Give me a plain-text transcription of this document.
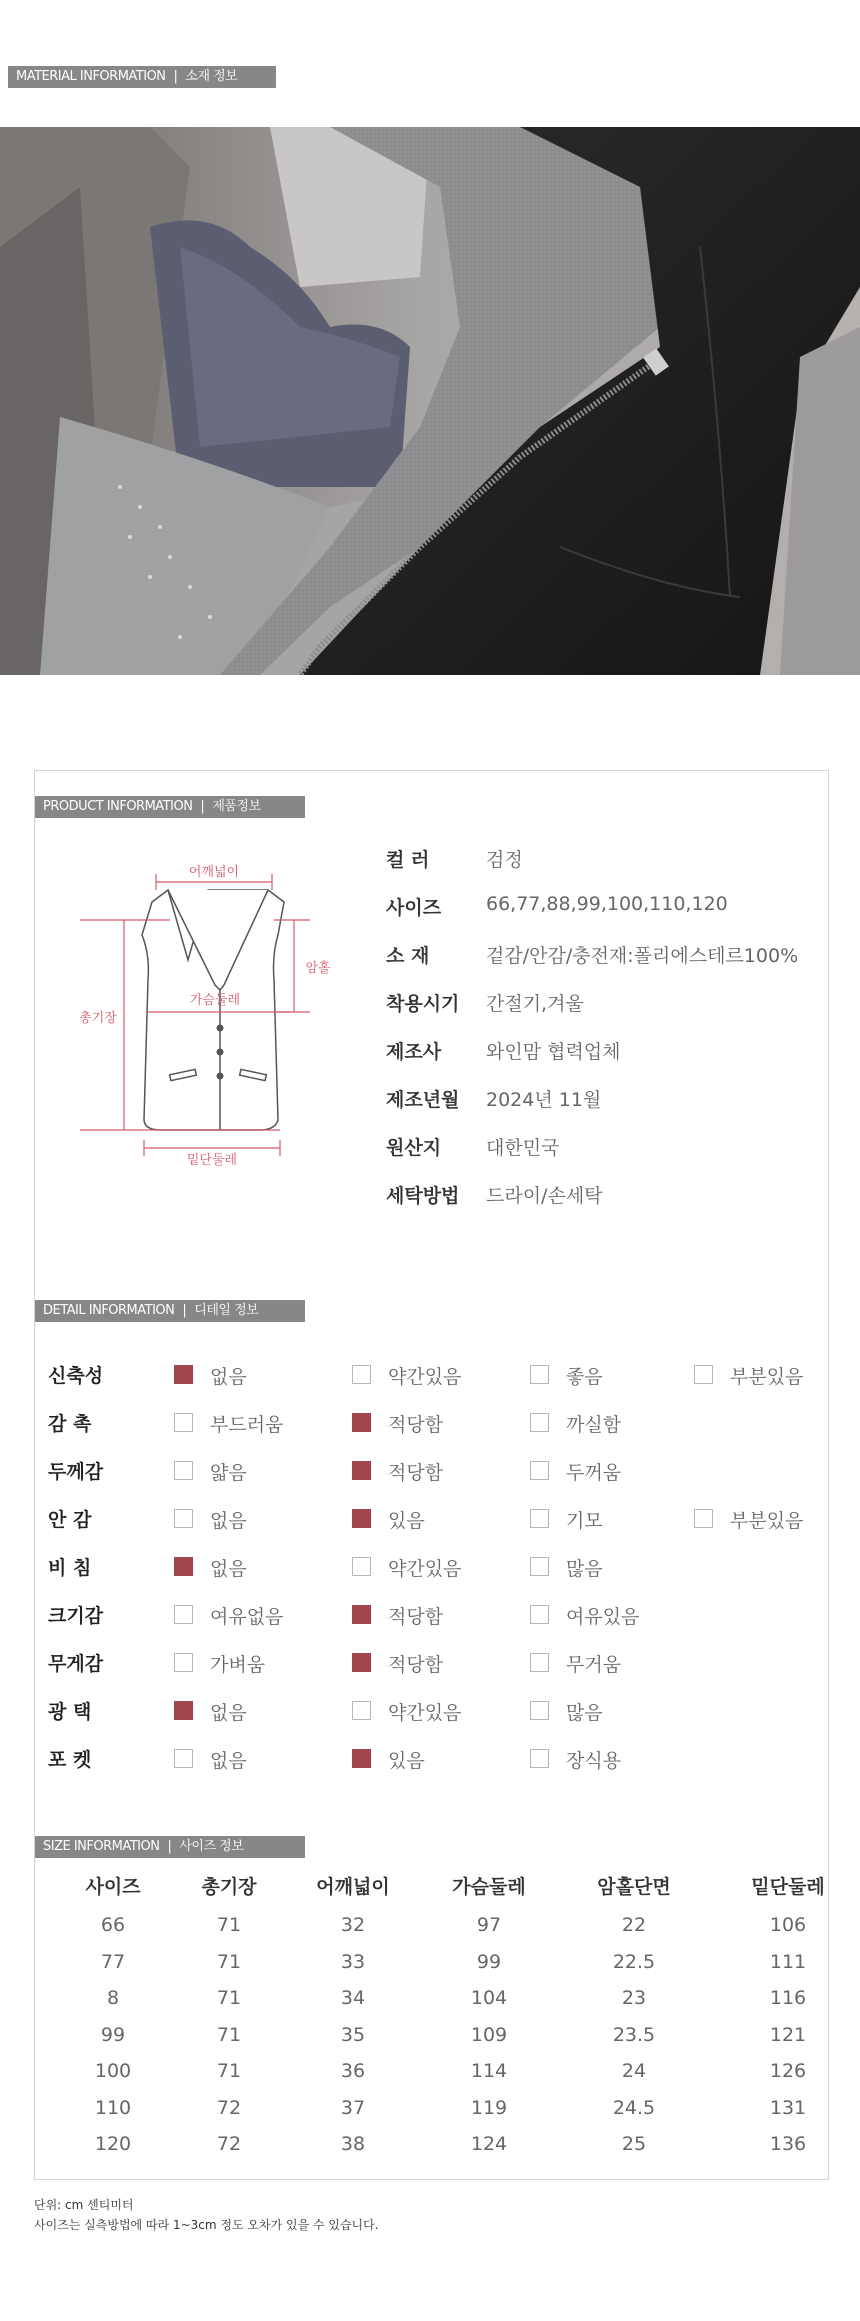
MATERIAL INFORMATION | 소재 정보
PRODUCT INFORMATION | 제품정보
어깨넓이
암홀
총기장
가슴둘레
밑단둘레
컬 러	검정
사이즈	66,77,88,99,100,110,120
소 재	겉감/안감/충전재:폴리에스테르100%
착용시기	간절기,겨울
제조사	와인맘 협력업체
제조년월	2024년 11월
원산지	대한민국
세탁방법	드라이/손세탁
DETAIL INFORMATION | 디테일 정보
신축성	없음	약간있음	좋음	부분있음
감 촉	부드러움	적당함	까실함
두께감	얇음	적당함	두꺼움
안 감	없음	있음	기모	부분있음
비 침	없음	약간있음	많음
크기감	여유없음	적당함	여유있음
무게감	가벼움	적당함	무거움
광 택	없음	약간있음	많음
포 켓	없음	있음	장식용
SIZE INFORMATION | 사이즈 정보
사이즈	총기장	어깨넓이	가슴둘레	암홀단면	밑단둘레
66	71	32	97	22	106
77	71	33	99	22.5	111
8	71	34	104	23	116
99	71	35	109	23.5	121
100	71	36	114	24	126
110	72	37	119	24.5	131
120	72	38	124	25	136
단위: cm 센티미터
사이즈는 실측방법에 따라 1~3cm 정도 오차가 있을 수 있습니다.
